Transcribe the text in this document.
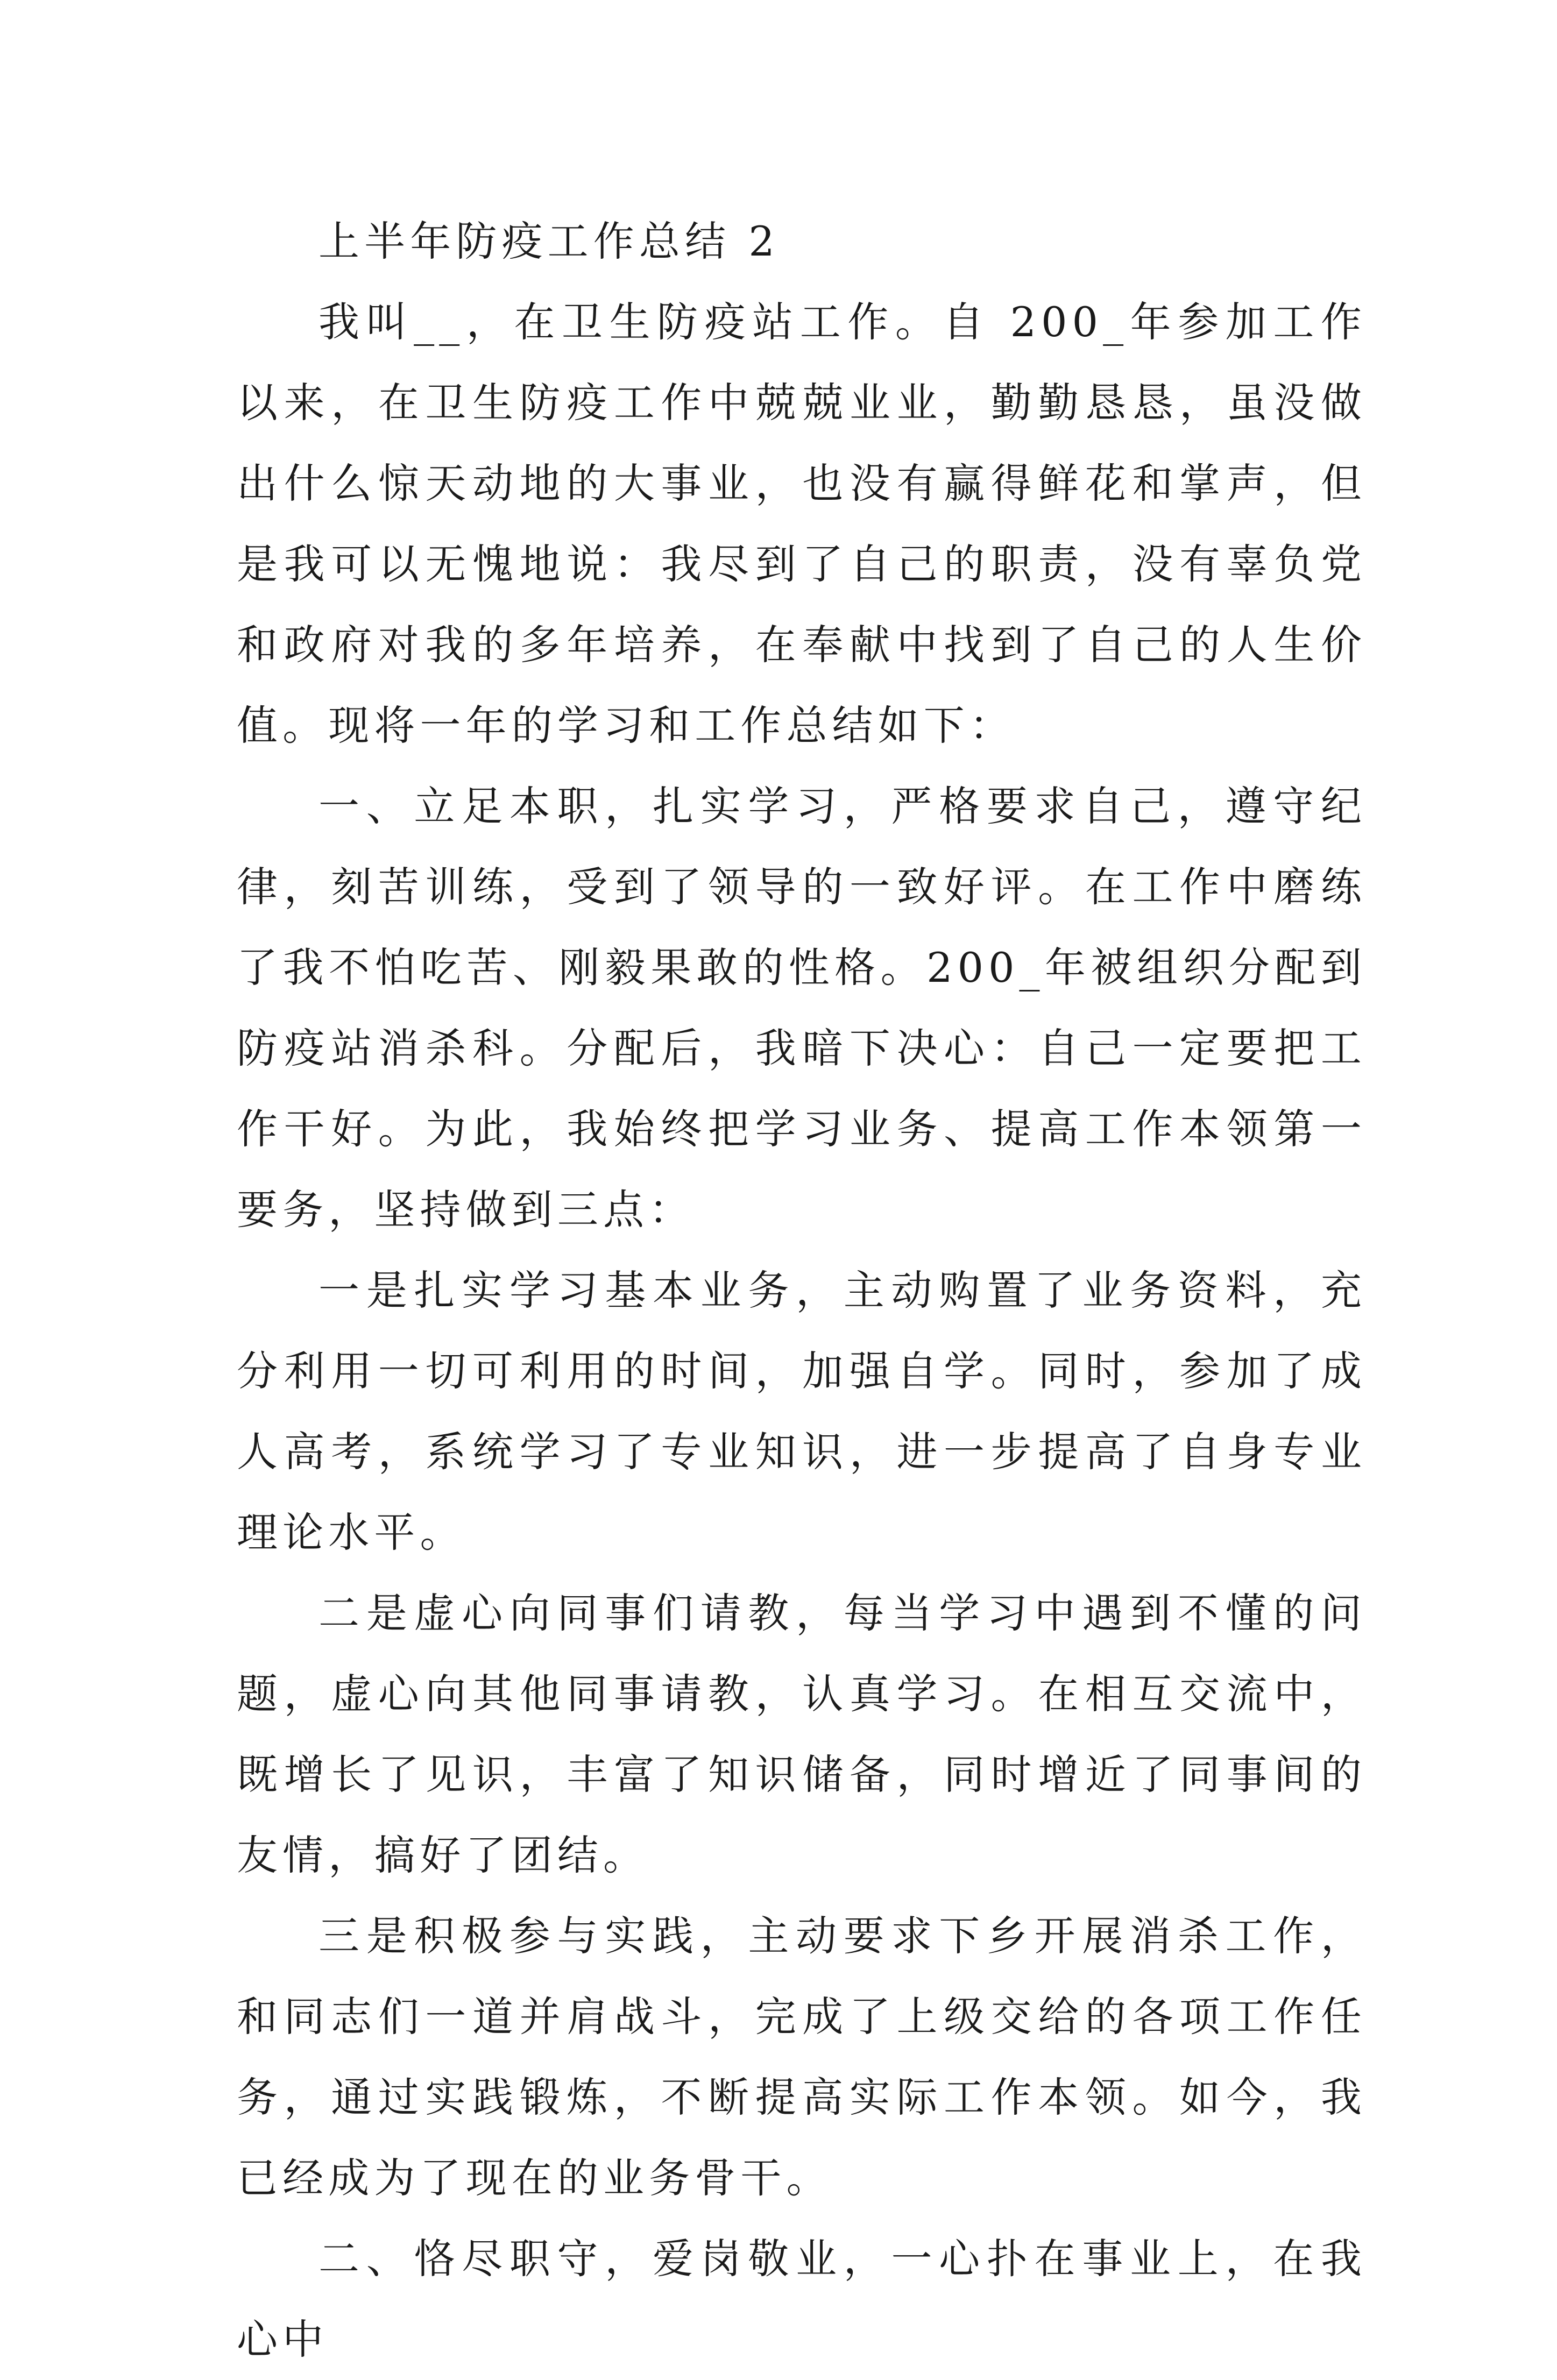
上半年防疫工作总结 2

我叫__，在卫生防疫站工作。自 200_年参加工作以来，在卫生防疫工作中兢兢业业，勤勤恳恳，虽没做出什么惊天动地的大事业，也没有赢得鲜花和掌声，但是我可以无愧地说：我尽到了自己的职责，没有辜负党和政府对我的多年培养，在奉献中找到了自己的人生价值。现将一年的学习和工作总结如下：

一、立足本职，扎实学习，严格要求自己，遵守纪律，刻苦训练，受到了领导的一致好评。在工作中磨练了我不怕吃苦、刚毅果敢的性格。200_年被组织分配到防疫站消杀科。分配后，我暗下决心：自己一定要把工作干好。为此，我始终把学习业务、提高工作本领第一要务，坚持做到三点：

一是扎实学习基本业务，主动购置了业务资料，充分利用一切可利用的时间，加强自学。同时，参加了成人高考，系统学习了专业知识，进一步提高了自身专业理论水平。

二是虚心向同事们请教，每当学习中遇到不懂的问题，虚心向其他同事请教，认真学习。在相互交流中，既增长了见识，丰富了知识储备，同时增近了同事间的友情，搞好了团结。

三是积极参与实践，主动要求下乡开展消杀工作，和同志们一道并肩战斗，完成了上级交给的各项工作任务，通过实践锻炼，不断提高实际工作本领。如今，我已经成为了现在的业务骨干。

二、恪尽职守，爱岗敬业，一心扑在事业上，在我心中
